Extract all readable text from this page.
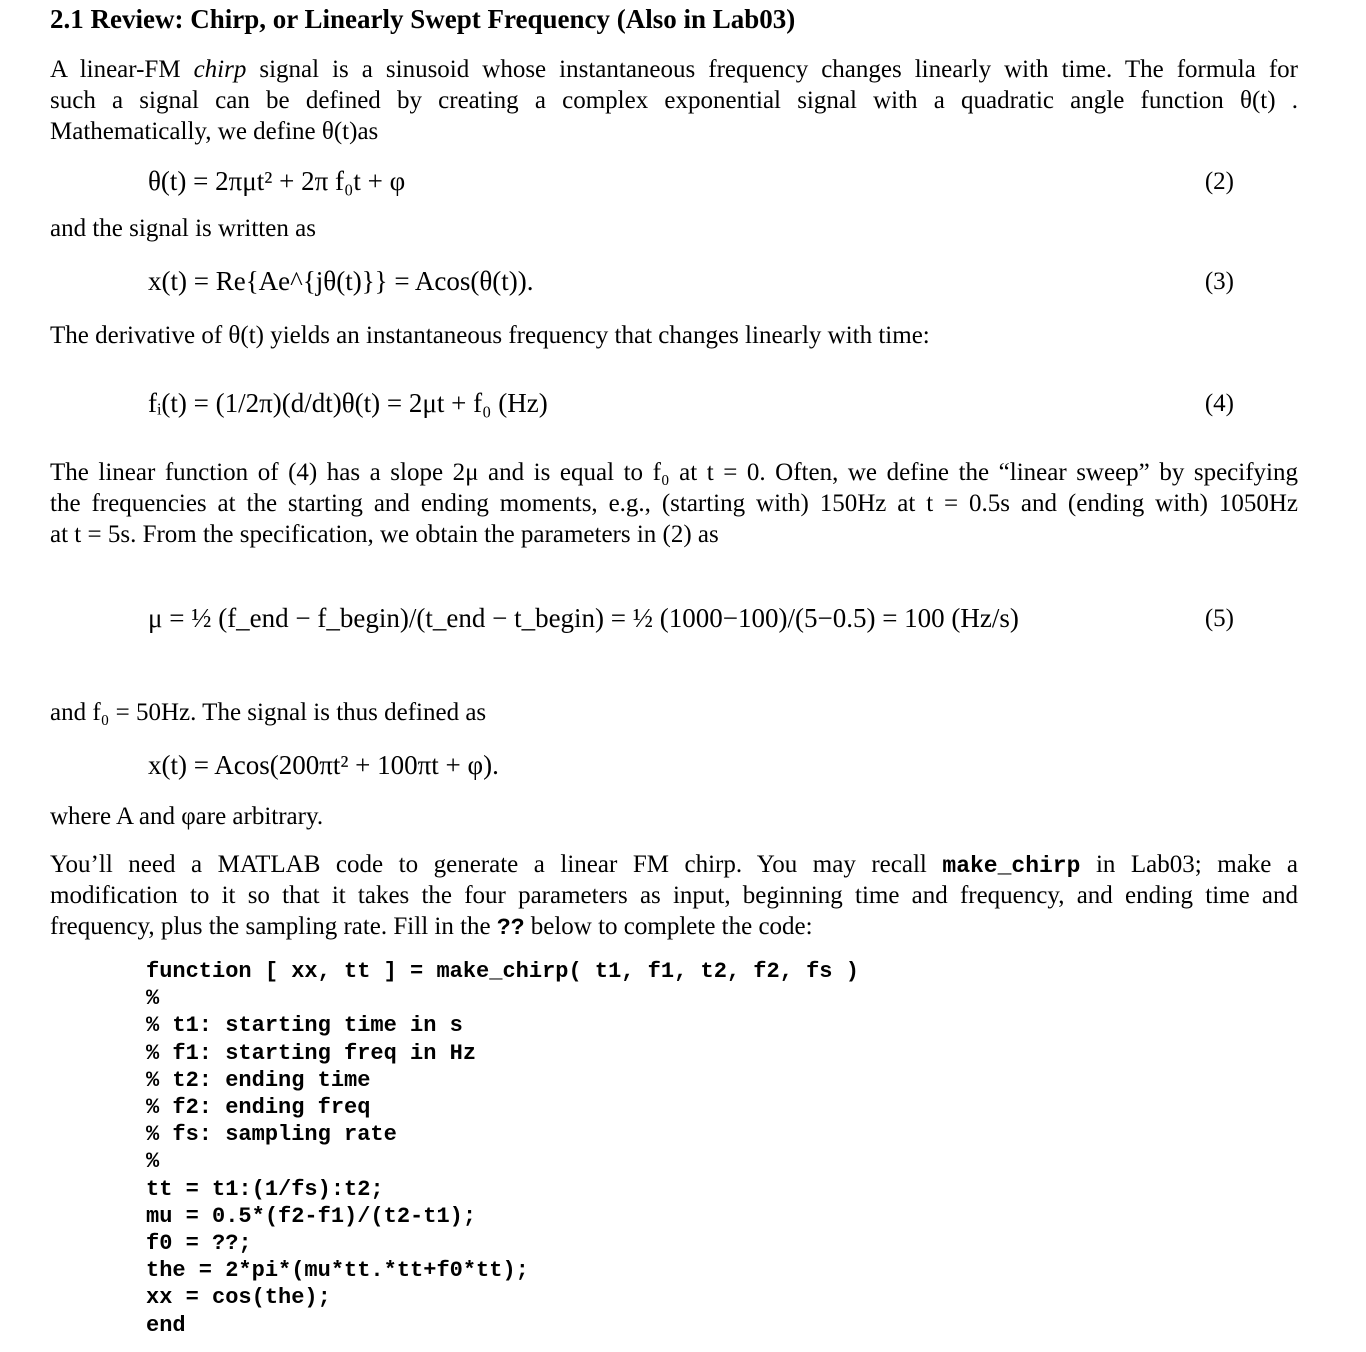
2.1 Review: Chirp, or Linearly Swept Frequency (Also in Lab03)
A linear-FM chirp signal is a sinusoid whose instantaneous frequency changes linearly with time. The formula for
such a signal can be defined by creating a complex exponential signal with a quadratic angle function θ(t) .
Mathematically, we define θ(t)as
θ(t) = 2πμt² + 2π f₀t + φ	(2)
and the signal is written as
x(t) = Re{Ae^{jθ(t)}} = Acos(θ(t)).	(3)
The derivative of θ(t) yields an instantaneous frequency that changes linearly with time:
fᵢ(t) = (1/2π)(d/dt)θ(t) = 2μt + f₀ (Hz)	(4)
The linear function of (4) has a slope 2μ and is equal to f₀ at t = 0. Often, we define the “linear sweep” by specifying
the frequencies at the starting and ending moments, e.g., (starting with) 150Hz at t = 0.5s and (ending with) 1050Hz
at t = 5s. From the specification, we obtain the parameters in (2) as
μ = ½ (f_end − f_begin)/(t_end − t_begin) = ½ (1000−100)/(5−0.5) = 100 (Hz/s)	(5)
and f₀ = 50Hz. The signal is thus defined as
x(t) = Acos(200πt² + 100πt + φ).
where A and φare arbitrary.
You’ll need a MATLAB code to generate a linear FM chirp. You may recall make_chirp in Lab03; make a
modification to it so that it takes the four parameters as input, beginning time and frequency, and ending time and
frequency, plus the sampling rate. Fill in the ?? below to complete the code:
function [ xx, tt ] = make_chirp( t1, f1, t2, f2, fs )
%
% t1: starting time in s
% f1: starting freq in Hz
% t2: ending time
% f2: ending freq
% fs: sampling rate
%
tt = t1:(1/fs):t2;
mu = 0.5*(f2-f1)/(t2-t1);
f0 = ??;
the = 2*pi*(mu*tt.*tt+f0*tt);
xx = cos(the);
end
